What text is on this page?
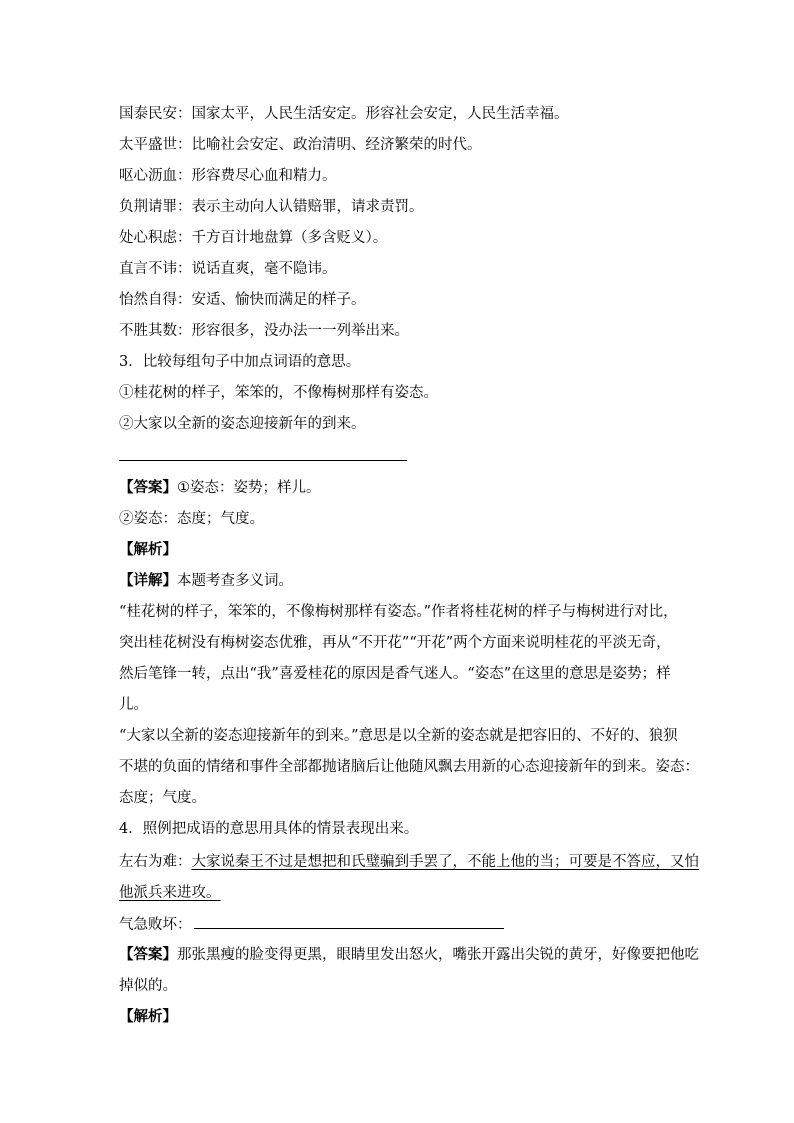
国泰民安：国家太平，人民生活安定。形容社会安定，人民生活幸福。
太平盛世：比喻社会安定、政治清明、经济繁荣的时代。
呕心沥血：形容费尽心血和精力。
负荆请罪：表示主动向人认错赔罪，请求责罚。
处心积虑：千方百计地盘算（多含贬义）。
直言不讳：说话直爽，毫不隐讳。
怡然自得：安适、愉快而满足的样子。
不胜其数：形容很多，没办法一一列举出来。
3．比较每组句子中加点词语的意思。
①桂花树的样子，笨笨的，不像梅树那样有姿态。
②大家以全新的姿态迎接新年的到来。
【答案】①姿态：姿势；样儿。
②姿态：态度；气度。
【解析】
【详解】本题考查多义词。
“桂花树的样子，笨笨的，不像梅树那样有姿态。”作者将桂花树的样子与梅树进行对比，
突出桂花树没有梅树姿态优雅，再从“不开花”“开花”两个方面来说明桂花的平淡无奇，
然后笔锋一转，点出“我”喜爱桂花的原因是香气迷人。“姿态”在这里的意思是姿势；样
儿。
“大家以全新的姿态迎接新年的到来。”意思是以全新的姿态就是把容旧的、不好的、狼狈
不堪的负面的情绪和事件全部都抛诸脑后让他随风飘去用新的心态迎接新年的到来。姿态：
态度；气度。
4．照例把成语的意思用具体的情景表现出来。
左右为难：大家说秦王不过是想把和氏璧骗到手罢了，不能上他的当；可要是不答应，又怕
他派兵来进攻。
气急败坏：
【答案】那张黑瘦的脸变得更黑，眼睛里发出怒火，嘴张开露出尖锐的黄牙，好像要把他吃
掉似的。
【解析】
